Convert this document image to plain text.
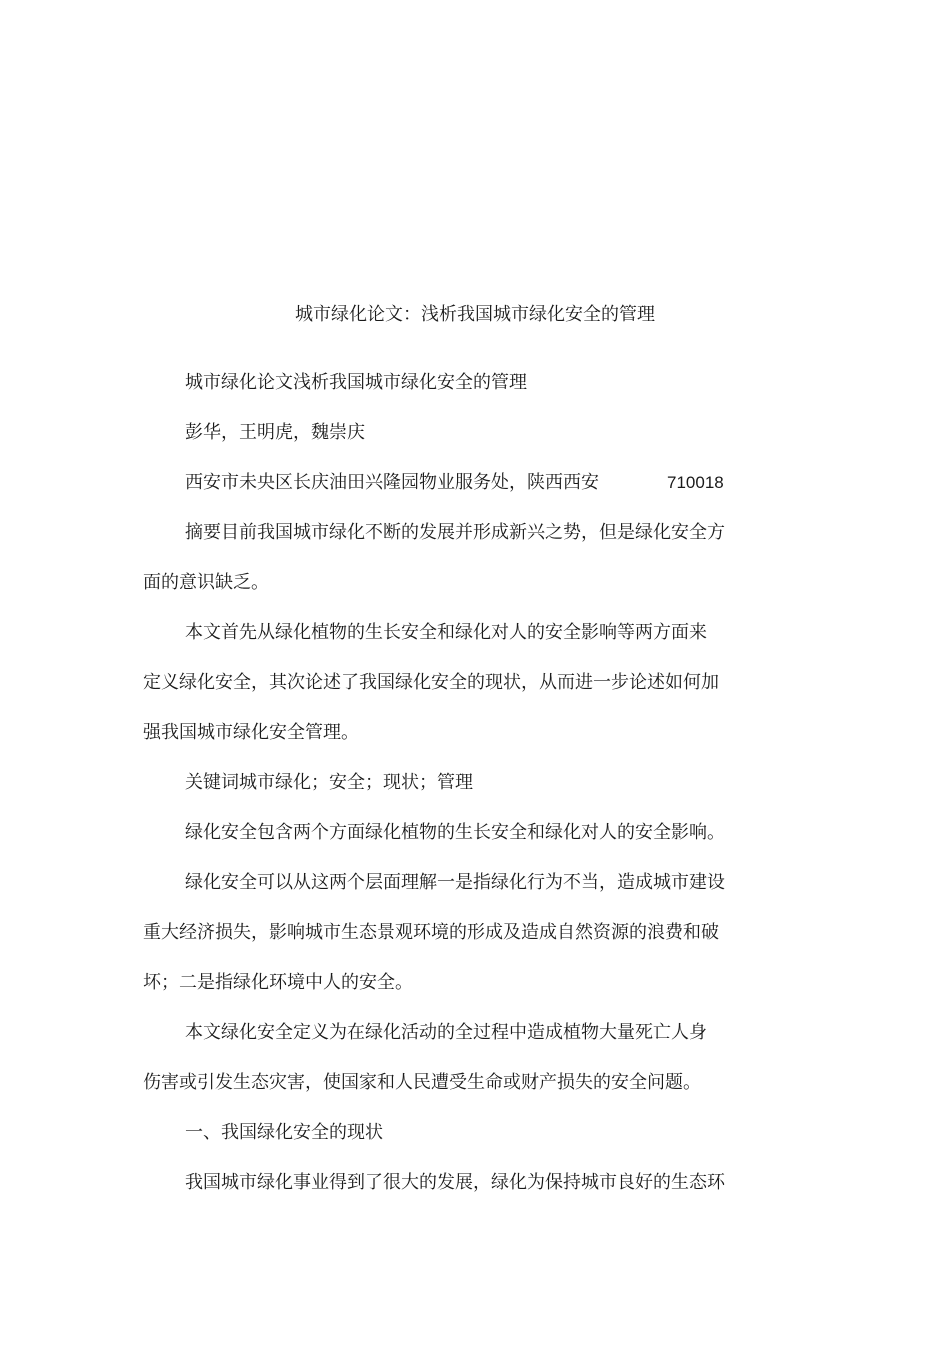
城市绿化论文：浅析我国城市绿化安全的管理
城市绿化论文浅析我国城市绿化安全的管理
彭华，王明虎，魏崇庆
西安市未央区长庆油田兴隆园物业服务处，陕西西安	710018
摘要目前我国城市绿化不断的发展并形成新兴之势，但是绿化安全方
面的意识缺乏。
本文首先从绿化植物的生长安全和绿化对人的安全影响等两方面来
定义绿化安全，其次论述了我国绿化安全的现状，从而进一步论述如何加
强我国城市绿化安全管理。
关键词城市绿化；安全；现状；管理
绿化安全包含两个方面绿化植物的生长安全和绿化对人的安全影响。
绿化安全可以从这两个层面理解一是指绿化行为不当，造成城市建设
重大经济损失，影响城市生态景观环境的形成及造成自然资源的浪费和破
坏；二是指绿化环境中人的安全。
本文绿化安全定义为在绿化活动的全过程中造成植物大量死亡人身
伤害或引发生态灾害，使国家和人民遭受生命或财产损失的安全问题。
一、我国绿化安全的现状
我国城市绿化事业得到了很大的发展，绿化为保持城市良好的生态环
